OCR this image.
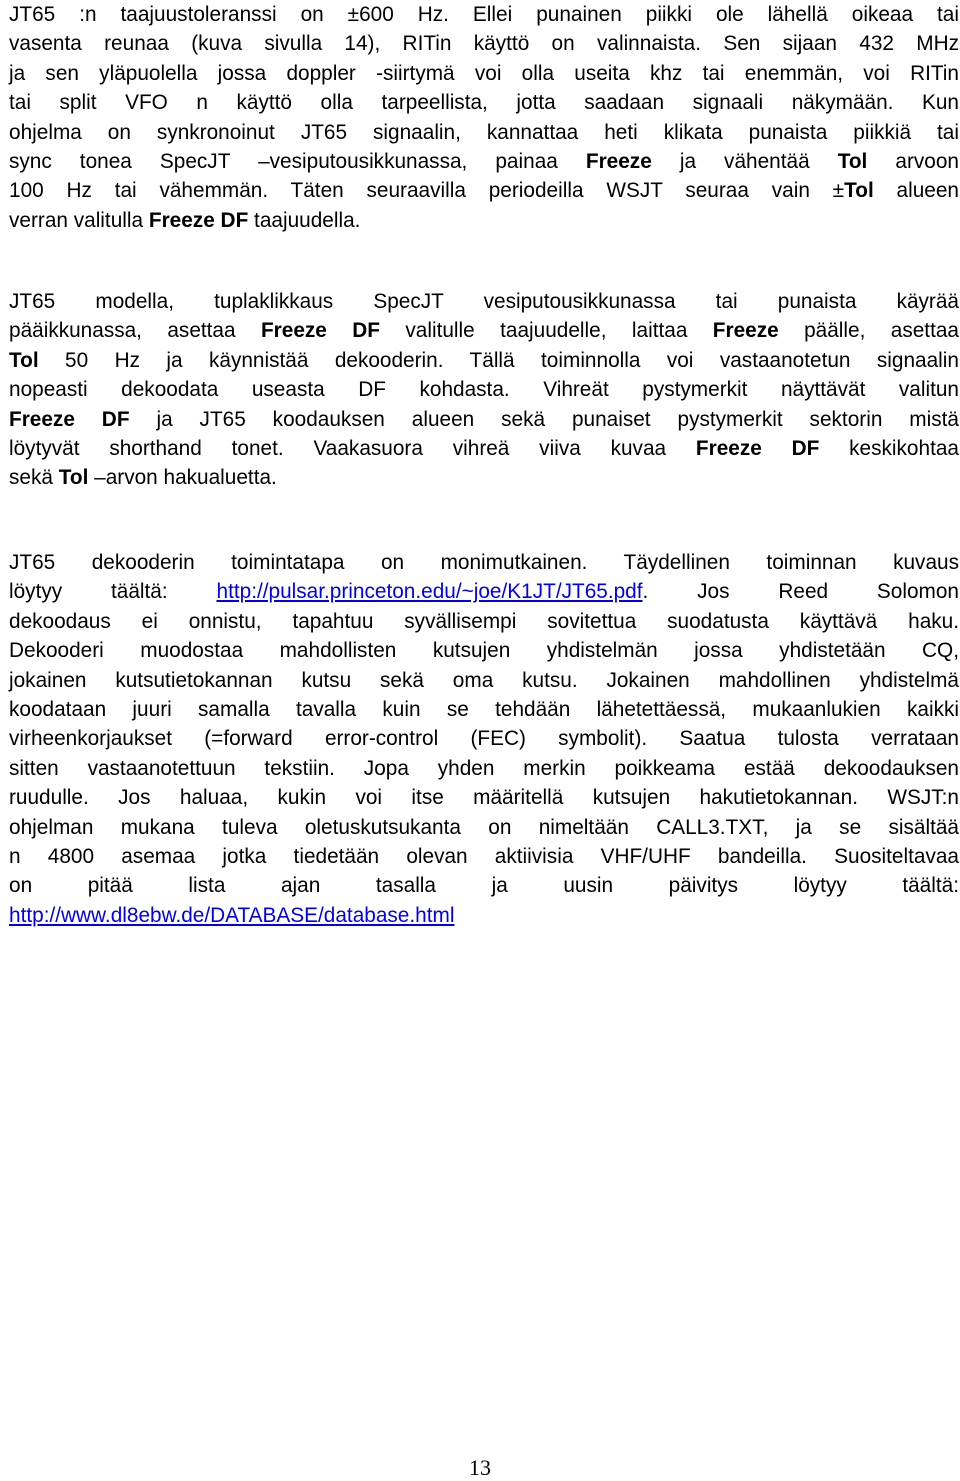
JT65 :n taajuustoleranssi on ±600 Hz. Ellei punainen piikki ole lähellä oikeaa tai
vasenta reunaa (kuva sivulla 14), RITin käyttö on valinnaista. Sen sijaan 432 MHz
ja sen yläpuolella jossa doppler -siirtymä voi olla useita khz tai enemmän, voi RITin
tai split VFO n käyttö olla tarpeellista, jotta saadaan signaali näkymään. Kun
ohjelma on synkronoinut JT65 signaalin, kannattaa heti klikata punaista piikkiä tai
sync tonea SpecJT –vesiputousikkunassa, painaa Freeze ja vähentää Tol arvoon
100 Hz tai vähemmän. Täten seuraavilla periodeilla WSJT seuraa vain ±Tol alueen
verran valitulla Freeze DF taajuudella.
JT65 modella, tuplaklikkaus SpecJT vesiputousikkunassa tai punaista käyrää
pääikkunassa, asettaa Freeze DF valitulle taajuudelle, laittaa Freeze päälle, asettaa
Tol 50 Hz ja käynnistää dekooderin. Tällä toiminnolla voi vastaanotetun signaalin
nopeasti dekoodata useasta DF kohdasta. Vihreät pystymerkit näyttävät valitun
Freeze DF ja JT65 koodauksen alueen sekä punaiset pystymerkit sektorin mistä
löytyvät shorthand tonet. Vaakasuora vihreä viiva kuvaa Freeze DF keskikohtaa
sekä Tol –arvon hakualuetta.
JT65 dekooderin toimintatapa on monimutkainen. Täydellinen toiminnan kuvaus
löytyy täältä: http://pulsar.princeton.edu/~joe/K1JT/JT65.pdf. Jos Reed Solomon
dekoodaus ei onnistu, tapahtuu syvällisempi sovitettua suodatusta käyttävä haku.
Dekooderi muodostaa mahdollisten kutsujen yhdistelmän jossa yhdistetään CQ,
jokainen kutsutietokannan kutsu sekä oma kutsu. Jokainen mahdollinen yhdistelmä
koodataan juuri samalla tavalla kuin se tehdään lähetettäessä, mukaanlukien kaikki
virheenkorjaukset (=forward error-control (FEC) symbolit). Saatua tulosta verrataan
sitten vastaanotettuun tekstiin. Jopa yhden merkin poikkeama estää dekoodauksen
ruudulle. Jos haluaa, kukin voi itse määritellä kutsujen hakutietokannan. WSJT:n
ohjelman mukana tuleva oletuskutsukanta on nimeltään CALL3.TXT, ja se sisältää
n 4800 asemaa jotka tiedetään olevan aktiivisia VHF/UHF bandeilla. Suositeltavaa
on pitää lista ajan tasalla ja uusin päivitys löytyy täältä:
http://www.dl8ebw.de/DATABASE/database.html
13
